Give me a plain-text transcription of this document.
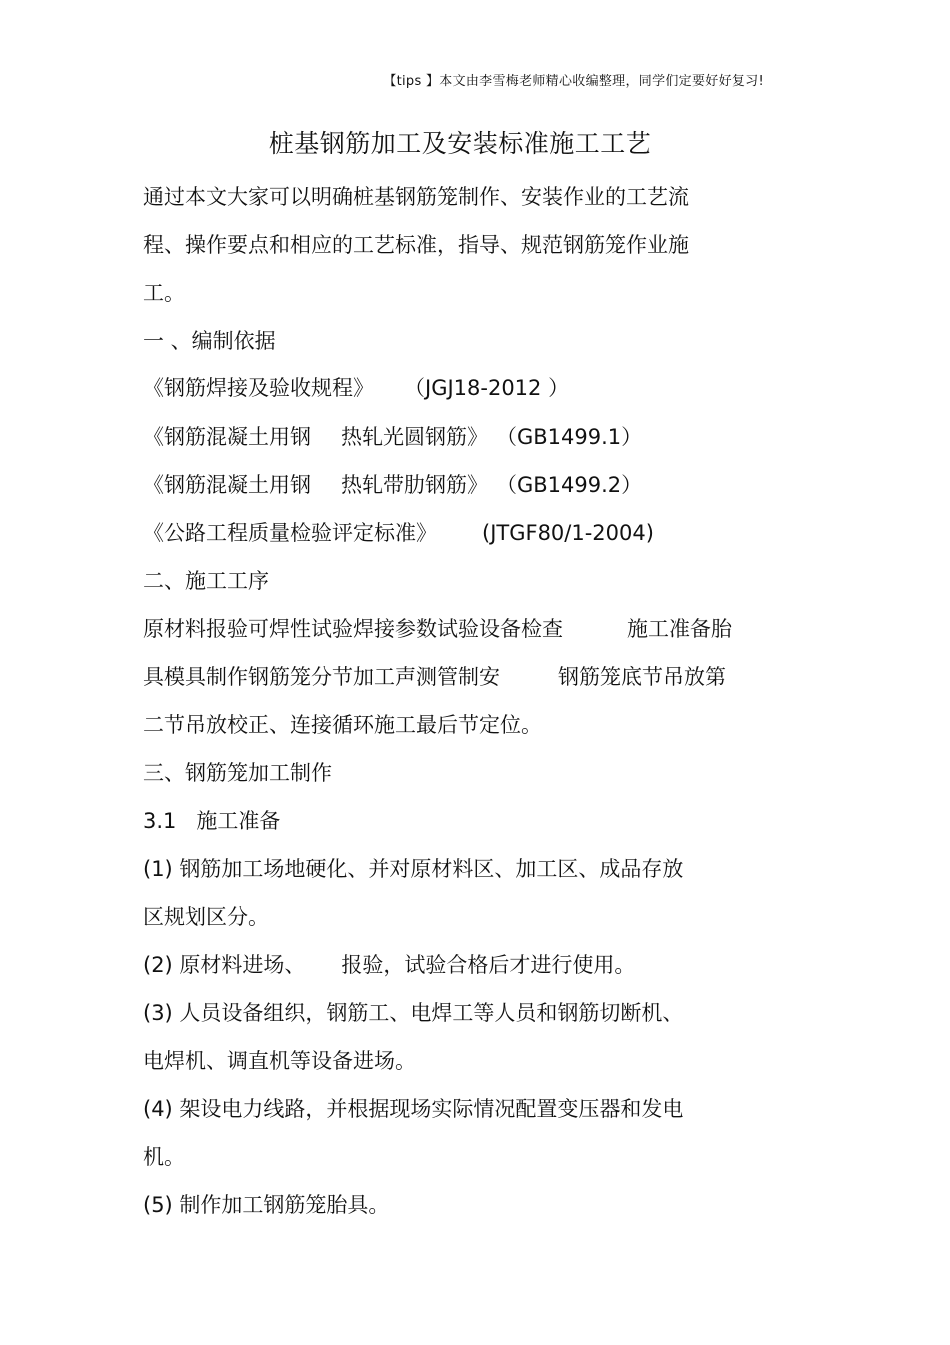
【tips 】本文由李雪梅老师精心收编整理，同学们定要好好复习!
桩基钢筋加工及安装标准施工工艺
通过本文大家可以明确桩基钢筋笼制作、安装作业的工艺流
程、操作要点和相应的工艺标准，指导、规范钢筋笼作业施
工。
一 、编制依据
《钢筋焊接及验收规程》 （JGJ18-2012 ）
《钢筋混凝土用钢 热轧光圆钢筋》 （GB1499.1）
《钢筋混凝土用钢 热轧带肋钢筋》 （GB1499.2）
《公路工程质量检验评定标准》 (JTGF80/1-2004)
二、施工工序
原材料报验可焊性试验焊接参数试验设备检查	施工准备胎
具模具制作钢筋笼分节加工声测管制安	钢筋笼底节吊放第
二节吊放校正、连接循环施工最后节定位。
三、钢筋笼加工制作
3.1 施工准备
(1) 钢筋加工场地硬化、并对原材料区、加工区、成品存放
区规划区分。
(2) 原材料进场、 报验，试验合格后才进行使用。
(3) 人员设备组织，钢筋工、电焊工等人员和钢筋切断机、
电焊机、调直机等设备进场。
(4) 架设电力线路，并根据现场实际情况配置变压器和发电
机。
(5) 制作加工钢筋笼胎具。
